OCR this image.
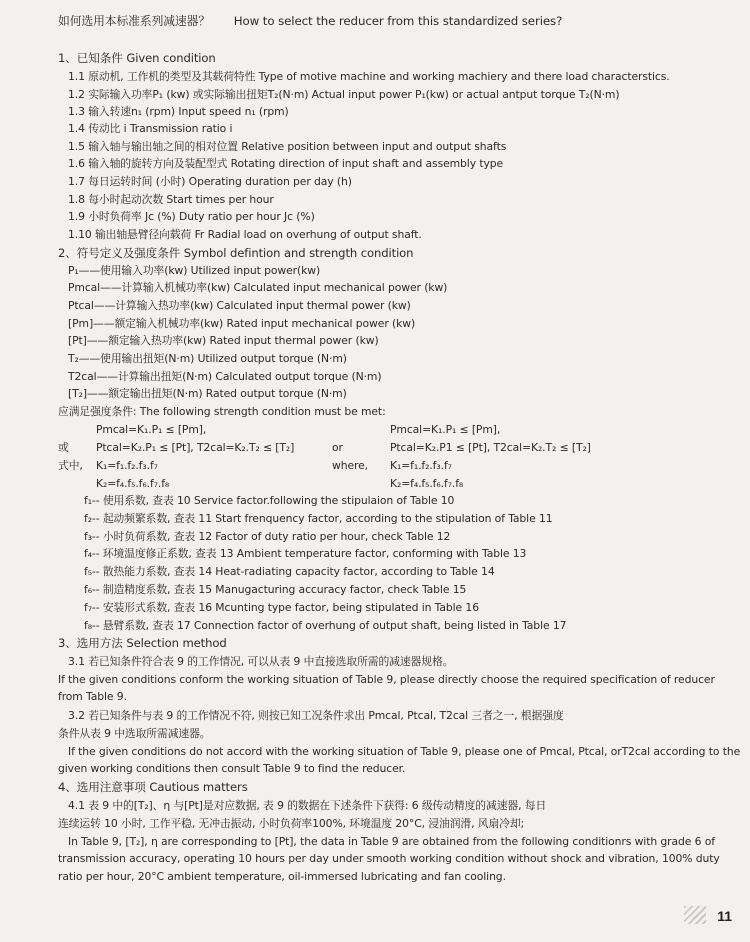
如何选用本标准系列减速器？ How to select the reducer from this standardized series?
1、已知条件 Given condition
1.1 原动机, 工作机的类型及其载荷特性 Type of motive machine and working machiery and there load characterstics.
1.2 实际输入功率P₁ (kw) 或实际输出扭矩T₂(N·m) Actual input power P₁(kw) or actual antput torque T₂(N·m)
1.3 输入转速n₁ (rpm) Input speed n₁ (rpm)
1.4 传动比 i Transmission ratio i
1.5 输入轴与输出轴之间的相对位置 Relative position between input and output shafts
1.6 输入轴的旋转方向及装配型式 Rotating direction of input shaft and assembly type
1.7 每日运转时间 (小时) Operating duration per day (h)
1.8 每小时起动次数 Start times per hour
1.9 小时负荷率 Jc (%) Duty ratio per hour Jc (%)
1.10 输出轴悬臂径向载荷 Fr Radial load on overhung of output shaft.
2、符号定义及强度条件 Symbol defintion and strength condition
P₁——使用输入功率(kw) Utilized input power(kw)
Pmcal——计算输入机械功率(kw) Calculated input mechanical power (kw)
Ptcal——计算输入热功率(kw) Calculated input thermal power (kw)
[Pm]——额定输入机械功率(kw) Rated input mechanical power (kw)
[Pt]——额定输入热功率(kw) Rated input thermal power (kw)
T₂——使用输出扭矩(N·m) Utilized output torque (N·m)
T2cal——计算输出扭矩(N·m) Calculated output torque (N·m)
[T₂]——额定输出扭矩(N·m) Rated output torque (N·m)
应满足强度条件: The following strength condition must be met:
Pmcal=K₁.P₁ ≤ [Pm],	Pmcal=K₁.P₁ ≤ [Pm],
或	Ptcal=K₂.P₁ ≤ [Pt], T2cal=K₂.T₂ ≤ [T₂]	or	Ptcal=K₂.P1 ≤ [Pt], T2cal=K₂.T₂ ≤ [T₂]
式中, K₁=f₁.f₂.f₃.f₇	where, K₁=f₁.f₂.f₃.f₇
K₂=f₄.f₅.f₆.f₇.f₈	K₂=f₄.f₅.f₆.f₇.f₈
f₁-- 使用系数, 查表 10 Service factor.following the stipulaion of Table 10
f₂-- 起动频繁系数, 查表 11 Start frenquency factor, according to the stipulation of Table 11
f₃-- 小时负荷系数, 查表 12 Factor of duty ratio per hour, check Table 12
f₄-- 环境温度修正系数, 查表 13 Ambient temperature factor, conforming with Table 13
f₅-- 散热能力系数, 查表 14 Heat-radiating capacity factor, according to Table 14
f₆-- 制造精度系数, 查表 15 Manugacturing accuracy factor, check Table 15
f₇-- 安装形式系数, 查表 16 Mcunting type factor, being stipulated in Table 16
f₈-- 悬臂系数, 查表 17 Connection factor of overhung of output shaft, being listed in Table 17
3、选用方法 Selection method
3.1 若已知条件符合表 9 的工作情况, 可以从表 9 中直接选取所需的减速器规格。
If the given conditions conform the working situation of Table 9, please directly choose the required specification of reducer
from Table 9.
3.2 若已知条件与表 9 的工作情况不符, 则按已知工况条件求出 Pmcal, Ptcal, T2cal 三者之一, 根据强度
条件从表 9 中选取所需减速器。
If the given conditions do not accord with the working situation of Table 9, please one of Pmcal, Ptcal, orT2cal according to the
given working conditions then consult Table 9 to find the reducer.
4、选用注意事项 Cautious matters
4.1 表 9 中的[T₂]、η 与[Pt]是对应数据, 表 9 的数据在下述条件下获得: 6 级传动精度的减速器, 每日
连续运转 10 小时, 工作平稳, 无冲击振动, 小时负荷率100%, 环境温度 20°C, 浸油润滑, 风扇冷却;
In Table 9, [T₂], η are corresponding to [Pt], the data in Table 9 are obtained from the following conditionrs with grade 6 of
transmission accuracy, operating 10 hours per day under smooth working condition without shock and vibration, 100% duty
ratio per hour, 20°C ambient temperature, oil-immersed lubricating and fan cooling.
11
